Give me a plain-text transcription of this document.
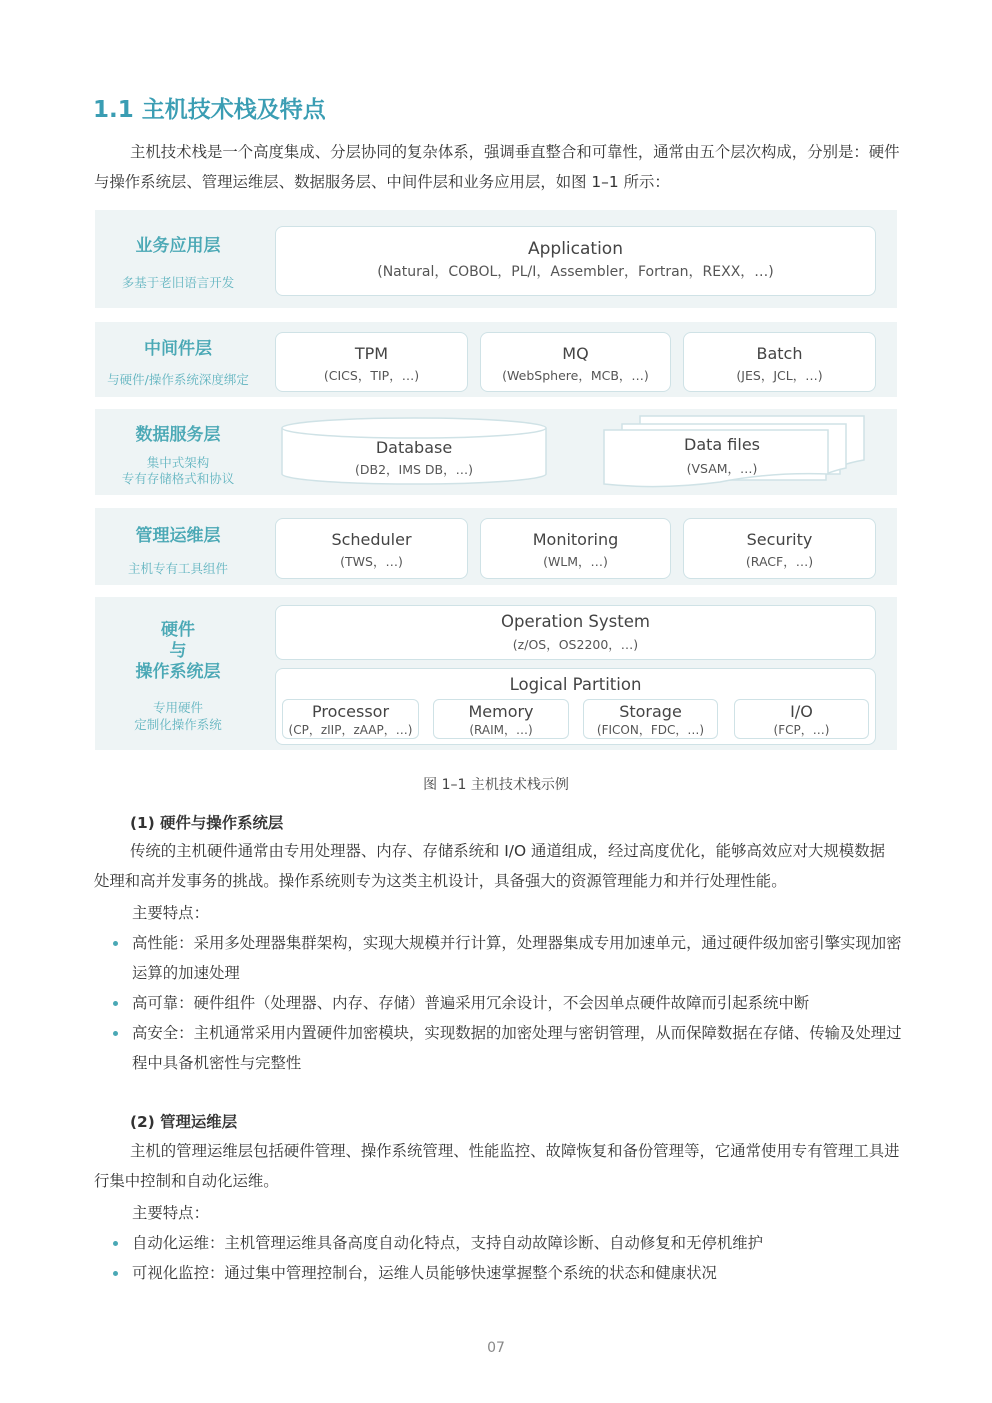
1.1 主机技术栈及特点
主机技术栈是一个高度集成、分层协同的复杂体系，强调垂直整合和可靠性，通常由五个层次构成，分别是：硬件与操作系统层、管理运维层、数据服务层、中间件层和业务应用层，如图 1–1 所示：
业务应用层
多基于老旧语言开发
Application
(Natural，COBOL，PL/I，Assembler，Fortran，REXX，…)
中间件层
与硬件/操作系统深度绑定
TPM
(CICS，TIP，…)
MQ
(WebSphere，MCB，…)
Batch
(JES，JCL，…)
数据服务层
集中式架构
专有存储格式和协议
Database
(DB2，IMS DB，…)
Data files
(VSAM，…)
管理运维层
主机专有工具组件
Scheduler
(TWS，…)
Monitoring
(WLM，…)
Security
(RACF，…)
硬件
与
操作系统层
专用硬件
定制化操作系统
Operation System
(z/OS，OS2200，…)
Logical Partition
Processor
(CP，zIIP，zAAP，…)
Memory
(RAIM，…)
Storage
(FICON，FDC，…)
I/O
(FCP，…)
图 1–1 主机技术栈示例
(1) 硬件与操作系统层
传统的主机硬件通常由专用处理器、内存、存储系统和 I/O 通道组成，经过高度优化，能够高效应对大规模数据处理和高并发事务的挑战。操作系统则专为这类主机设计，具备强大的资源管理能力和并行处理性能。
主要特点：
高性能：采用多处理器集群架构，实现大规模并行计算，处理器集成专用加速单元，通过硬件级加密引擎实现加密运算的加速处理
高可靠：硬件组件（处理器、内存、存储）普遍采用冗余设计，不会因单点硬件故障而引起系统中断
高安全：主机通常采用内置硬件加密模块，实现数据的加密处理与密钥管理，从而保障数据在存储、传输及处理过程中具备机密性与完整性
(2) 管理运维层
主机的管理运维层包括硬件管理、操作系统管理、性能监控、故障恢复和备份管理等，它通常使用专有管理工具进行集中控制和自动化运维。
主要特点：
自动化运维：主机管理运维具备高度自动化特点，支持自动故障诊断、自动修复和无停机维护
可视化监控：通过集中管理控制台，运维人员能够快速掌握整个系统的状态和健康状况
07
